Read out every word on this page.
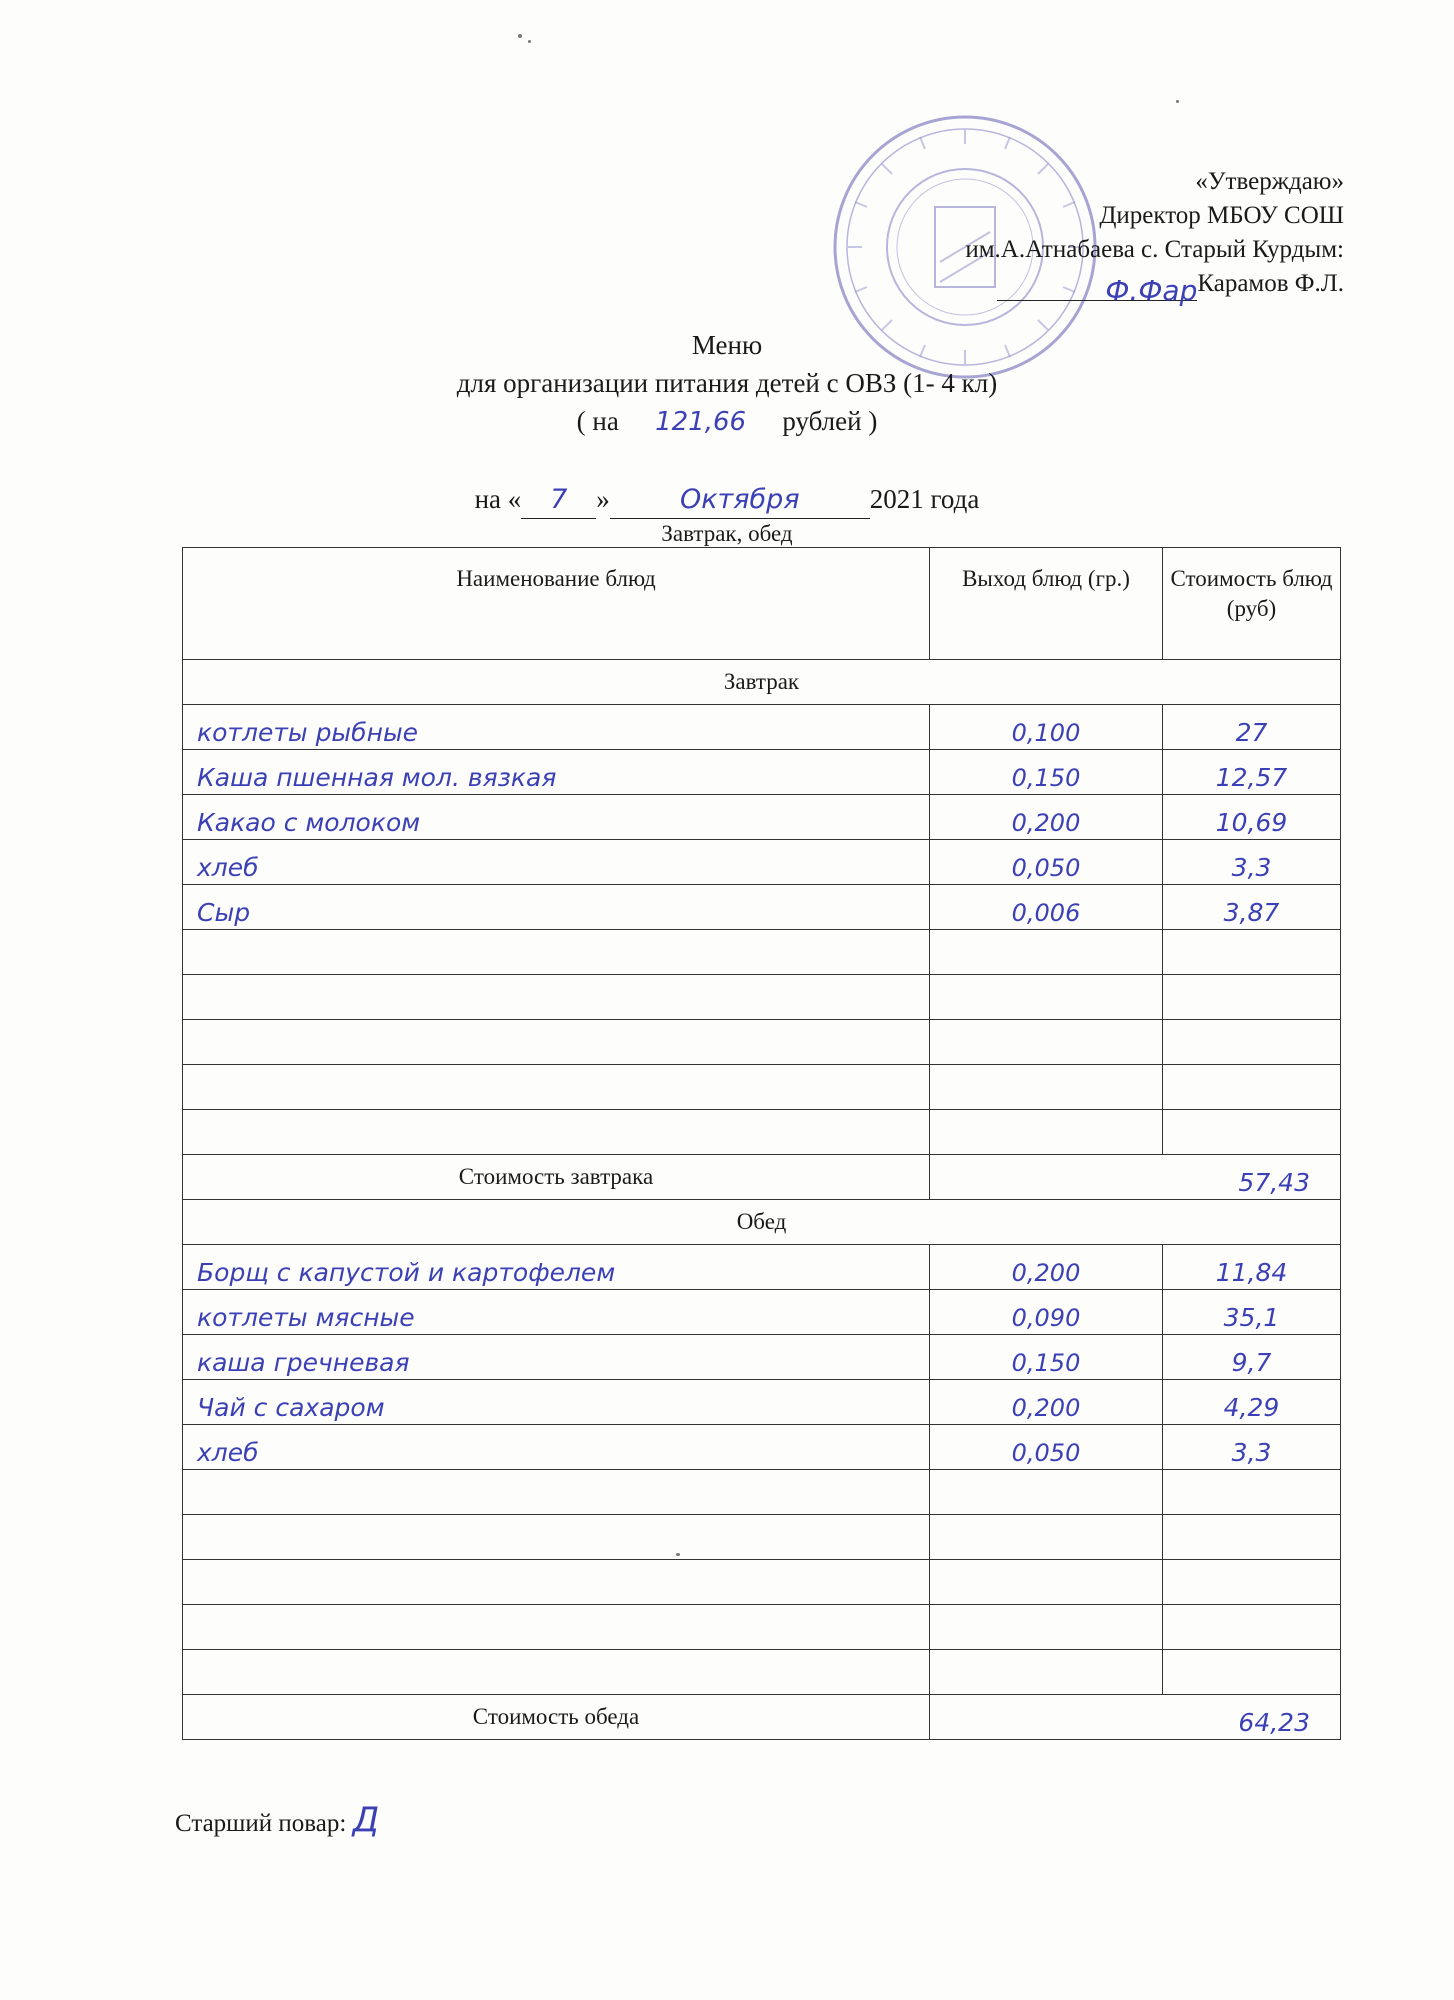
«Утверждаю»
Директор МБОУ СОШ
им.А.Атнабаева с. Старый Курдым:
Ф.ФарКарамов Ф.Л.
Меню
для организации питания детей с ОВЗ (1- 4 кл)
( на 121,66 рублей )
на « 7 »	Октября	2021 года
Завтрак, обед
Наименование блюд	Выход блюд (гр.)	Стоимость блюд (руб)
Завтрак		
котлеты рыбные	0,100	27
Каша пшенная мол. вязкая	0,150	12,57
Какао с молоком	0,200	10,69
хлеб	0,050	3,3
Сыр	0,006	3,87

Стоимость завтрака	57,43	
Обед		
Борщ с капустой и картофелем	0,200	11,84
котлеты мясные	0,090	35,1
каша гречневая	0,150	9,7
Чай с сахаром	0,200	4,29
хлеб	0,050	3,3

Стоимость обеда	64,23	
Старший повар: Д
